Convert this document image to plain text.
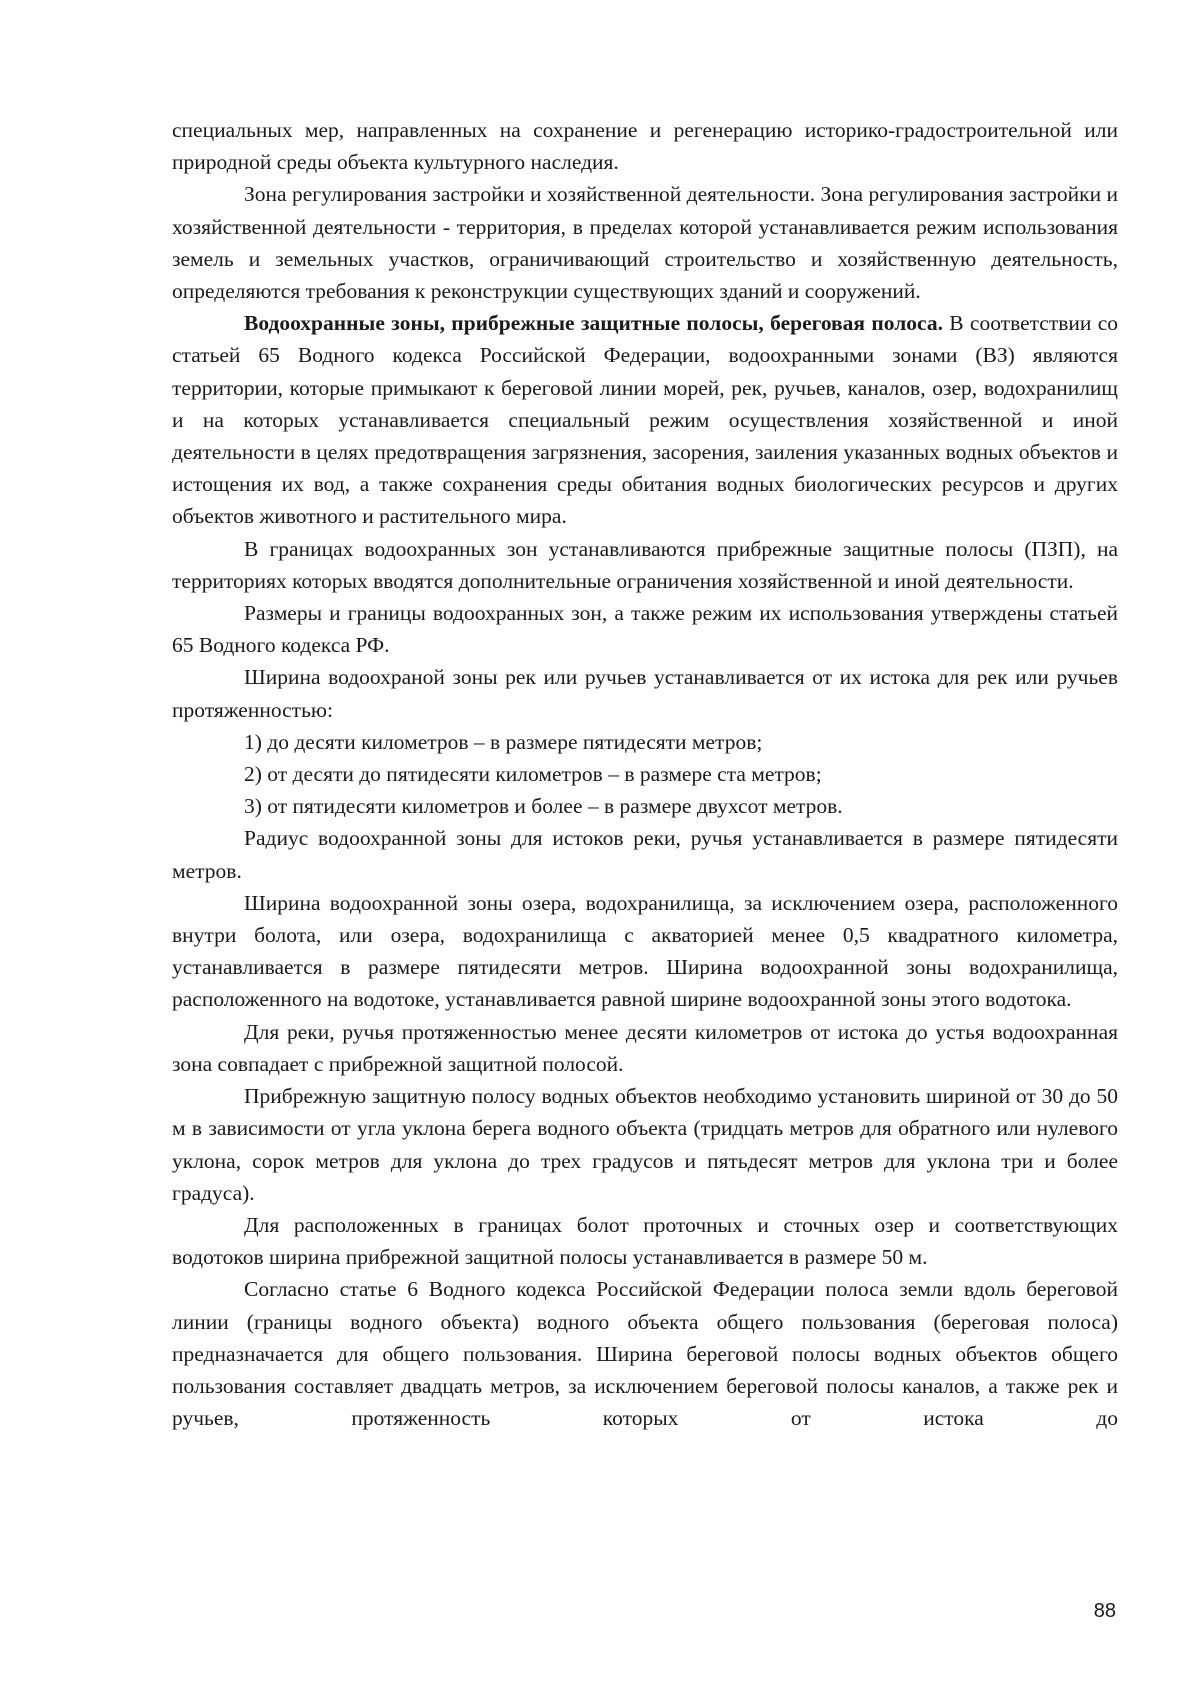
специальных мер, направленных на сохранение и регенерацию историко-градостроительной или природной среды объекта культурного наследия.

Зона регулирования застройки и хозяйственной деятельности. Зона регулирования застройки и хозяйственной деятельности - территория, в пределах которой устанавливается режим использования земель и земельных участков, ограничивающий строительство и хозяйственную деятельность, определяются требования к реконструкции существующих зданий и сооружений.

Водоохранные зоны, прибрежные защитные полосы, береговая полоса. В соответствии со статьей 65 Водного кодекса Российской Федерации, водоохранными зонами (ВЗ) являются территории, которые примыкают к береговой линии морей, рек, ручьев, каналов, озер, водохранилищ и на которых устанавливается специальный режим осуществления хозяйственной и иной деятельности в целях предотвращения загрязнения, засорения, заиления указанных водных объектов и истощения их вод, а также сохранения среды обитания водных биологических ресурсов и других объектов животного и растительного мира.

В границах водоохранных зон устанавливаются прибрежные защитные полосы (ПЗП), на территориях которых вводятся дополнительные ограничения хозяйственной и иной деятельности.

Размеры и границы водоохранных зон, а также режим их использования утверждены статьей 65 Водного кодекса РФ.

Ширина водоохраной зоны рек или ручьев устанавливается от их истока для рек или ручьев протяженностью:

1) до десяти километров – в размере пятидесяти метров;

2) от десяти до пятидесяти километров – в размере ста метров;

3) от пятидесяти километров и более – в размере двухсот метров.

Радиус водоохранной зоны для истоков реки, ручья устанавливается в размере пятидесяти метров.

Ширина водоохранной зоны озера, водохранилища, за исключением озера, расположенного внутри болота, или озера, водохранилища с акваторией менее 0,5 квадратного километра, устанавливается в размере пятидесяти метров. Ширина водоохранной зоны водохранилища, расположенного на водотоке, устанавливается равной ширине водоохранной зоны этого водотока.

Для реки, ручья протяженностью менее десяти километров от истока до устья водоохранная зона совпадает с прибрежной защитной полосой.

Прибрежную защитную полосу водных объектов необходимо установить шириной от 30 до 50 м в зависимости от угла уклона берега водного объекта (тридцать метров для обратного или нулевого уклона, сорок метров для уклона до трех градусов и пятьдесят метров для уклона три и более градуса).

Для расположенных в границах болот проточных и сточных озер и соответствующих водотоков ширина прибрежной защитной полосы устанавливается в размере 50 м.

Согласно статье 6 Водного кодекса Российской Федерации полоса земли вдоль береговой линии (границы водного объекта) водного объекта общего пользования (береговая полоса) предназначается для общего пользования. Ширина береговой полосы водных объектов общего пользования составляет двадцать метров, за исключением береговой полосы каналов, а также рек и ручьев, протяженность которых от истока до

88
